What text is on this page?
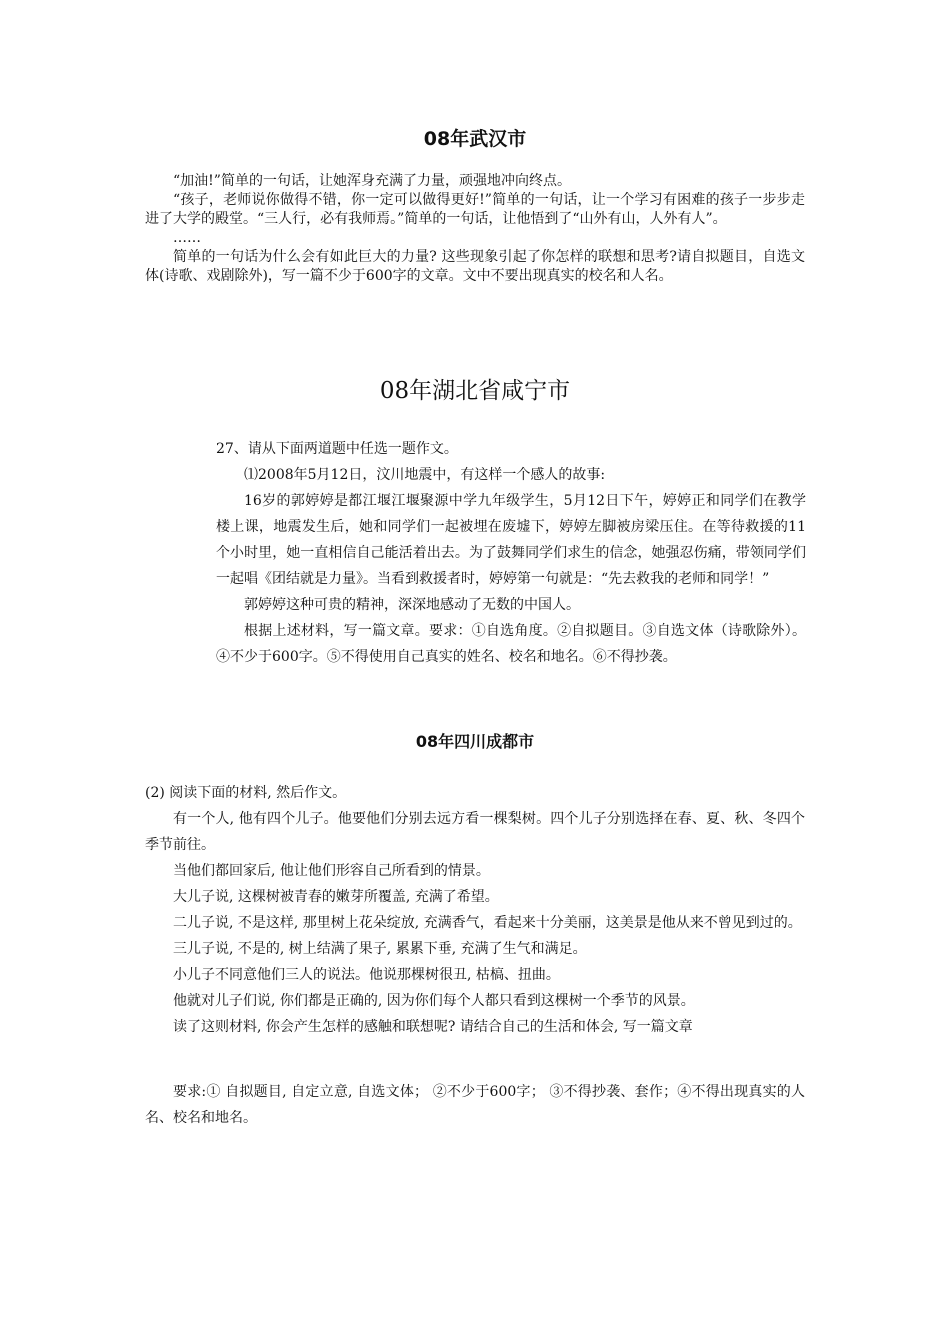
08年武汉市

“加油!”简单的一句话，让她浑身充满了力量，顽强地冲向终点。

“孩子，老师说你做得不错，你一定可以做得更好!”简单的一句话，让一个学习有困难的孩子一步步走进了大学的殿堂。“三人行，必有我师焉。”简单的一句话，让他悟到了“山外有山，人外有人”。

……

简单的一句话为什么会有如此巨大的力量? 这些现象引起了你怎样的联想和思考?请自拟题目，自选文体(诗歌、戏剧除外)，写一篇不少于600字的文章。文中不要出现真实的校名和人名。

08年湖北省咸宁市

27、请从下面两道题中任选一题作文。

⑴2008年5月12日，汶川地震中，有这样一个感人的故事:

16岁的郭婷婷是都江堰江堰聚源中学九年级学生，5月12日下午，婷婷正和同学们在教学楼上课，地震发生后，她和同学们一起被埋在废墟下，婷婷左脚被房梁压住。在等待救援的11个小时里，她一直相信自己能活着出去。为了鼓舞同学们求生的信念，她强忍伤痛，带领同学们一起唱《团结就是力量》。当看到救援者时，婷婷第一句就是：“先去救我的老师和同学！”

郭婷婷这种可贵的精神，深深地感动了无数的中国人。

根据上述材料，写一篇文章。要求：①自选角度。②自拟题目。③自选文体（诗歌除外）。④不少于600字。⑤不得使用自己真实的姓名、校名和地名。⑥不得抄袭。

08年四川成都市

(2) 阅读下面的材料, 然后作文。

有一个人, 他有四个儿子。他要他们分别去远方看一棵梨树。四个儿子分别选择在春、夏、秋、冬四个季节前往。

当他们都回家后, 他让他们形容自己所看到的情景。

大儿子说, 这棵树被青春的嫩芽所覆盖, 充满了希望。

二儿子说, 不是这样, 那里树上花朵绽放, 充满香气，看起来十分美丽，这美景是他从来不曾见到过的。

三儿子说, 不是的, 树上结满了果子, 累累下垂, 充满了生气和满足。

小儿子不同意他们三人的说法。他说那棵树很丑, 枯槁、扭曲。

他就对儿子们说, 你们都是正确的, 因为你们每个人都只看到这棵树一个季节的风景。

读了这则材料, 你会产生怎样的感触和联想呢? 请结合自己的生活和体会, 写一篇文章

要求:① 自拟题目, 自定立意, 自选文体； ②不少于600字； ③不得抄袭、套作；④不得出现真实的人名、校名和地名。
